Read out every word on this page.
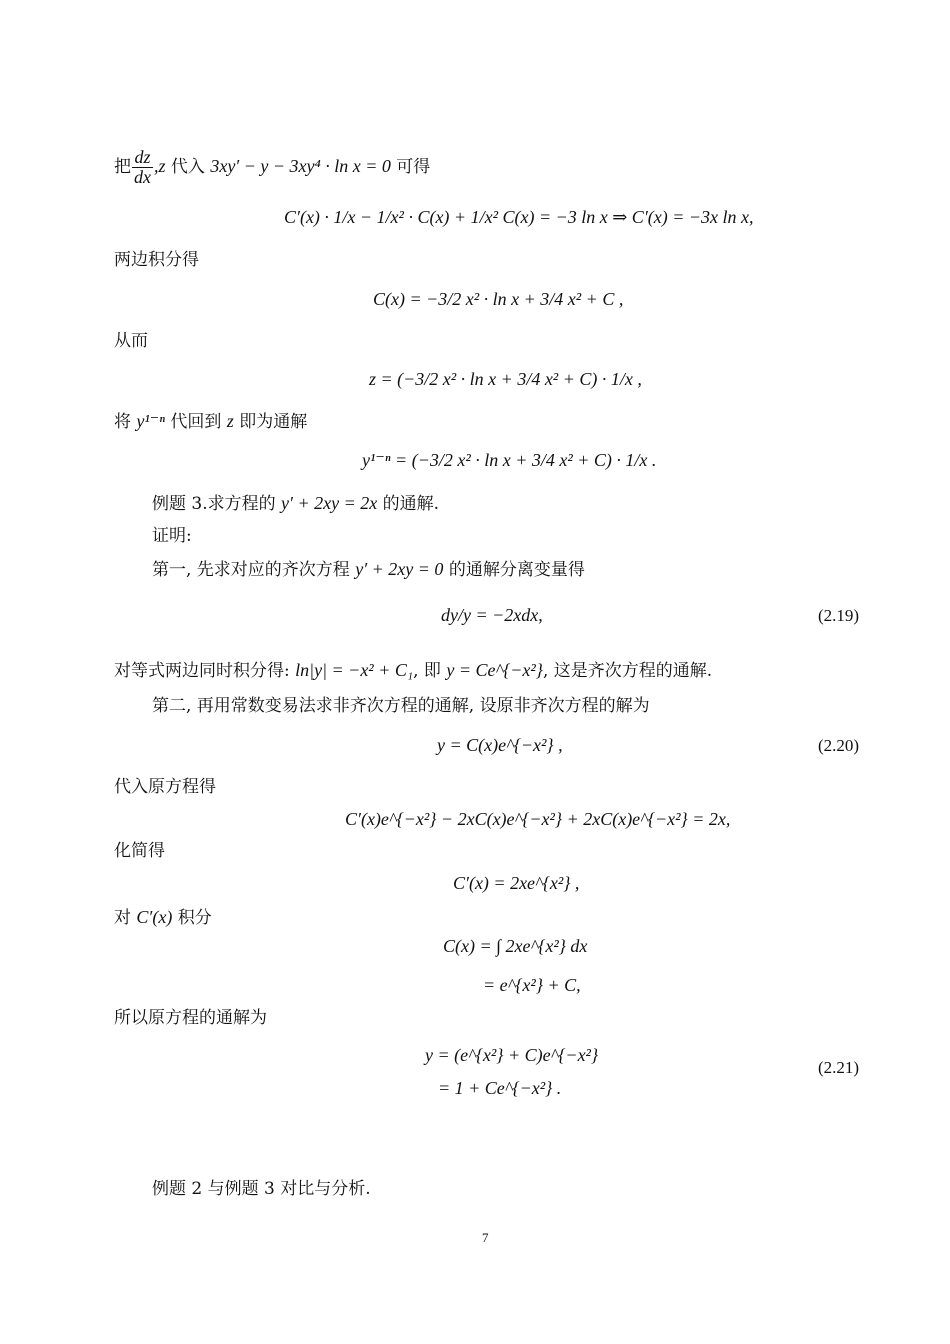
把 $\frac{dz}{dx} ,z$ 代入 3xy′ − y − 3xy⁴ · ln x = 0 可得
C′(x) · 1/x − 1/x² · C(x) + 1/x² C(x) = −3 ln x ⇒ C′(x) = −3x ln x,
两边积分得
C(x) = −3/2 x² · ln x + 3/4 x² + C ,
从而
z = (−3/2 x² · ln x + 3/4 x² + C) · 1/x ,
将 y¹⁻ⁿ 代回到 z 即为通解
y¹⁻ⁿ = (−3/2 x² · ln x + 3/4 x² + C) · 1/x .
例题 3.求方程的 y′ + 2xy = 2x 的通解.
证明:
第一, 先求对应的齐次方程 y′ + 2xy = 0 的通解分离变量得
dy/y = −2xdx,	(2.19)
对等式两边同时积分得: ln|y| = −x² + C₁, 即 y = Ce^{−x²}, 这是齐次方程的通解.
第二, 再用常数变易法求非齐次方程的通解, 设原非齐次方程的解为
y = C(x)e^{−x²} ,	(2.20)
代入原方程得
C′(x)e^{−x²} − 2xC(x)e^{−x²} + 2xC(x)e^{−x²} = 2x,
化简得
C′(x) = 2xe^{x²} ,
对 C′(x) 积分
C(x) = ∫ 2xe^{x²} dx
= e^{x²} + C,
所以原方程的通解为
y = (e^{x²} + C)e^{−x²}
= 1 + Ce^{−x²} .
(2.21)
例题 2 与例题 3 对比与分析.
7
